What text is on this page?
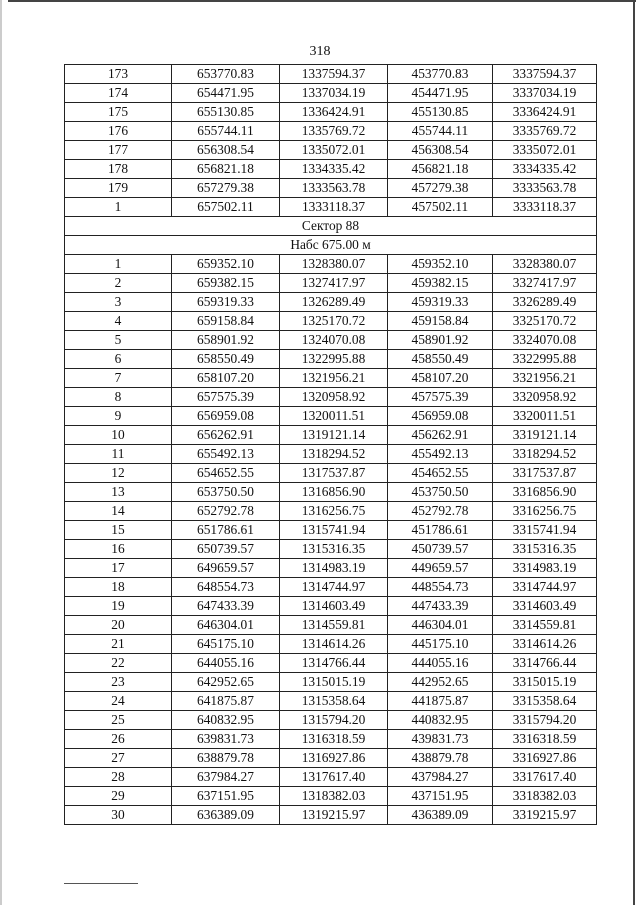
318
173	653770.83	1337594.37	453770.83	3337594.37
174	654471.95	1337034.19	454471.95	3337034.19
175	655130.85	1336424.91	455130.85	3336424.91
176	655744.11	1335769.72	455744.11	3335769.72
177	656308.54	1335072.01	456308.54	3335072.01
178	656821.18	1334335.42	456821.18	3334335.42
179	657279.38	1333563.78	457279.38	3333563.78
1	657502.11	1333118.37	457502.11	3333118.37
Сектор 88				
Набс 675.00 м				
1	659352.10	1328380.07	459352.10	3328380.07
2	659382.15	1327417.97	459382.15	3327417.97
3	659319.33	1326289.49	459319.33	3326289.49
4	659158.84	1325170.72	459158.84	3325170.72
5	658901.92	1324070.08	458901.92	3324070.08
6	658550.49	1322995.88	458550.49	3322995.88
7	658107.20	1321956.21	458107.20	3321956.21
8	657575.39	1320958.92	457575.39	3320958.92
9	656959.08	1320011.51	456959.08	3320011.51
10	656262.91	1319121.14	456262.91	3319121.14
11	655492.13	1318294.52	455492.13	3318294.52
12	654652.55	1317537.87	454652.55	3317537.87
13	653750.50	1316856.90	453750.50	3316856.90
14	652792.78	1316256.75	452792.78	3316256.75
15	651786.61	1315741.94	451786.61	3315741.94
16	650739.57	1315316.35	450739.57	3315316.35
17	649659.57	1314983.19	449659.57	3314983.19
18	648554.73	1314744.97	448554.73	3314744.97
19	647433.39	1314603.49	447433.39	3314603.49
20	646304.01	1314559.81	446304.01	3314559.81
21	645175.10	1314614.26	445175.10	3314614.26
22	644055.16	1314766.44	444055.16	3314766.44
23	642952.65	1315015.19	442952.65	3315015.19
24	641875.87	1315358.64	441875.87	3315358.64
25	640832.95	1315794.20	440832.95	3315794.20
26	639831.73	1316318.59	439831.73	3316318.59
27	638879.78	1316927.86	438879.78	3316927.86
28	637984.27	1317617.40	437984.27	3317617.40
29	637151.95	1318382.03	437151.95	3318382.03
30	636389.09	1319215.97	436389.09	3319215.97
